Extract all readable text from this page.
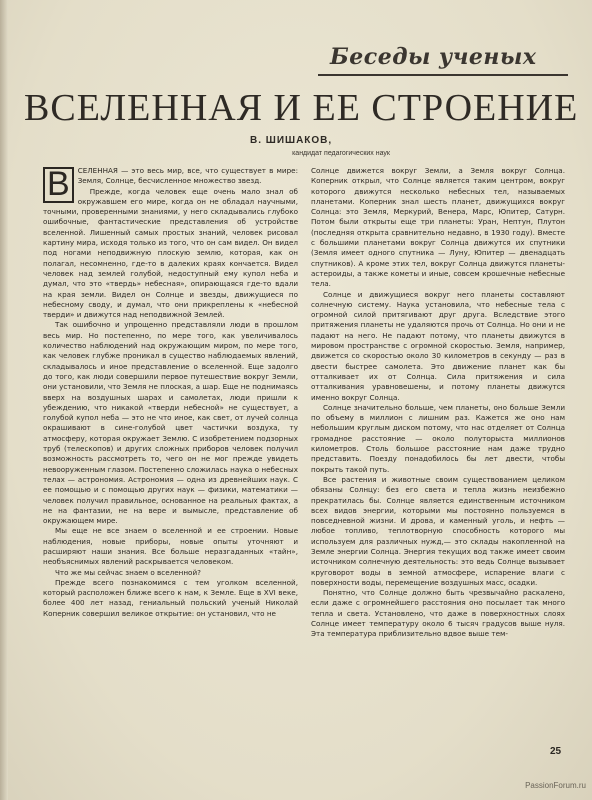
Беседы ученых
ВСЕЛЕННАЯ И ЕЕ СТРОЕНИЕ
В. ШИШАКОВ,
кандидат педагогических наук

В	СЕЛЕННАЯ — это весь мир, все, что существует в мире: Земля, Солнце, бесчисленное множество звезд.

Прежде, когда человек еще очень мало знал об окружавшем его мире, когда он не обладал научными, точными, проверенными знаниями, у него складывались глубоко ошибочные, фантастические представления об устройстве вселенной. Лишенный самых простых знаний, человек рисовал картину мира, исходя только из того, что он сам видел. Он видел под ногами неподвижную плоскую землю, которая, как он полагал, несомненно, где-то в далеких краях кончается. Видел человек над землей голубой, недоступный ему купол неба и думал, что это «твердь» небесная», опирающаяся где-то вдали на края земли. Видел он Солнце и звезды, движущиеся по небесному своду, и думал, что они прикреплены к «небесной тверди» и движутся над неподвижной Землей.

Так ошибочно и упрощенно представляли люди в прошлом весь мир. Но постепенно, по мере того, как увеличивалось количество наблюдений над окружающим миром, по мере того, как человек глубже проникал в существо наблюдаемых явлений, складывалось и иное представление о вселенной. Еще задолго до того, как люди совершили первое путешествие вокруг Земли, они установили, что Земля не плоская, а шар. Еще не поднимаясь вверх на воздушных шарах и самолетах, люди пришли к убеждению, что никакой «тверди небесной» не существует, а голубой купол неба — это не что иное, как свет, от лучей солнца окрашивают в сине-голубой цвет частички воздуха, ту атмосферу, которая окружает Землю. С изобретением подзорных труб (телескопов) и других сложных приборов человек получил возможность рассмотреть то, чего он не мог прежде увидеть невооруженным глазом. Постепенно сложилась наука о небесных телах — астрономия. Астрономия — одна из древнейших наук. С ее помощью и с помощью других наук — физики, математики — человек получил правильное, основанное на реальных фактах, а не на фантазии, не на вере и вымысле, представление об окружающем мире.

Мы еще не все знаем о вселенной и ее строении. Новые наблюдения, новые приборы, новые опыты уточняют и расширяют наши знания. Все больше неразгаданных «тайн», необъяснимых явлений раскрывается человеком.

Что же мы сейчас знаем о вселенной?

Прежде всего познакомимся с тем уголком вселенной, который расположен ближе всего к нам, к Земле. Еще в XVI веке, более 400 лет назад, гениальный польский ученый Николай Коперник совершил великое открытие: он установил, что не

Солнце движется вокруг Земли, а Земля вокруг Солнца. Коперник открыл, что Солнце является таким центром, вокруг которого движутся несколько небесных тел, называемых планетами. Коперник знал шесть планет, движущихся вокруг Солнца: это Земля, Меркурий, Венера, Марс, Юпитер, Сатурн. Потом были открыты еще три планеты: Уран, Нептун, Плутон (последняя открыта сравнительно недавно, в 1930 году). Вместе с большими планетами вокруг Солнца движутся их спутники (Земля имеет одного спутника — Луну, Юпитер — двенадцать спутников). А кроме этих тел, вокруг Солнца движутся планеты-астероиды, а также кометы и иные, совсем крошечные небесные тела.

Солнце и движущиеся вокруг него планеты составляют солнечную систему. Наука установила, что небесные тела с огромной силой притягивают друг друга. Вследствие этого притяжения планеты не удаляются прочь от Солнца. Но они и не падают на него. Не падают потому, что планеты движутся в мировом пространстве с огромной скоростью. Земля, например, движется со скоростью около 30 километров в секунду — раз в двести быстрее самолета. Это движение планет как бы отталкивает их от Солнца. Сила притяжения и сила отталкивания уравновешены, и потому планеты движутся именно вокруг Солнца.

Солнце значительно больше, чем планеты, оно больше Земли по объему в миллион с лишним раз. Кажется же оно нам небольшим круглым диском потому, что нас отделяет от Солнца громадное расстояние — около полуторыста миллионов километров. Столь большое расстояние нам даже трудно представить. Поезду понадобилось бы лет двести, чтобы покрыть такой путь.

Все растения и животные своим существованием целиком обязаны Солнцу: без его света и тепла жизнь неизбежно прекратилась бы. Солнце является единственным источником всех видов энергии, которыми мы постоянно пользуемся в повседневной жизни. И дрова, и каменный уголь, и нефть — любое топливо, теплотворную способность которого мы используем для различных нужд,— это склады накопленной на Земле энергии Солнца. Энергия текущих вод также имеет своим источником солнечную деятельность: это ведь Солнце вызывает круговорот воды в земной атмосфере, испарение влаги с поверхности воды, перемещение воздушных масс, осадки.

Понятно, что Солнце должно быть чрезвычайно раскалено, если даже с огромнейшего расстояния оно посылает так много тепла и света. Установлено, что даже в поверхностных слоях Солнце имеет температуру около 6 тысяч градусов выше нуля. Эта температура приблизительно вдвое выше тем-

25
PassionForum.ru
